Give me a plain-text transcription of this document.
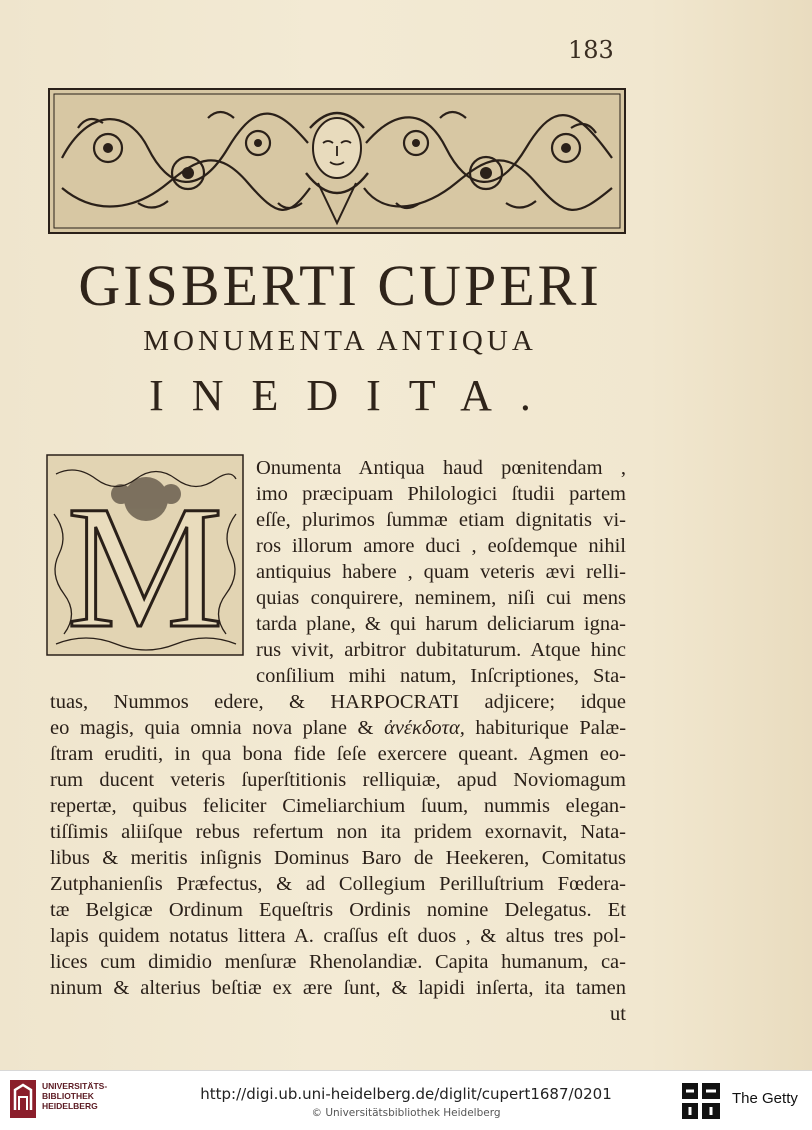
183
GISBERTI CUPERI
MONUMENTA ANTIQUA
INEDITA.
M
Onumenta Antiqua haud pœnitendam ,
imo præcipuam Philologici ſtudii partem
eſſe, plurimos ſummæ etiam dignitatis vi-
ros illorum amore duci , eoſdemque nihil
antiquius habere , quam veteris ævi relli-
quias conquirere, neminem, niſi cui mens
tarda plane, & qui harum deliciarum igna-
rus vivit, arbitror dubitaturum. Atque hinc
conſilium mihi natum, Inſcriptiones, Sta-
tuas, Nummos edere, & HARPOCRATI adjicere; idque
eo magis, quia omnia nova plane & ἀνέκδοτα, habiturique Palæ-
ſtram eruditi, in qua bona fide ſeſe exercere queant. Agmen eo-
rum ducent veteris ſuperſtitionis relliquiæ, apud Noviomagum
repertæ, quibus feliciter Cimeliarchium ſuum, nummis elegan-
tiſſimis aliiſque rebus refertum non ita pridem exornavit, Nata-
libus & meritis inſignis Dominus Baro de Heekeren, Comitatus
Zutphanienſis Præfectus, & ad Collegium Perilluſtrium Fœdera-
tæ Belgicæ Ordinum Equeſtris Ordinis nomine Delegatus. Et
lapis quidem notatus littera A. craſſus eſt duos , & altus tres pol-
lices cum dimidio menſuræ Rhenolandiæ. Capita humanum, ca-
ninum & alterius beſtiæ ex ære ſunt, & lapidi inſerta, ita tamen
ut
UNIVERSITÄTS-
BIBLIOTHEK
HEIDELBERG
http://digi.ub.uni-heidelberg.de/diglit/cupert1687/0201
© Universitätsbibliothek Heidelberg
The Getty
